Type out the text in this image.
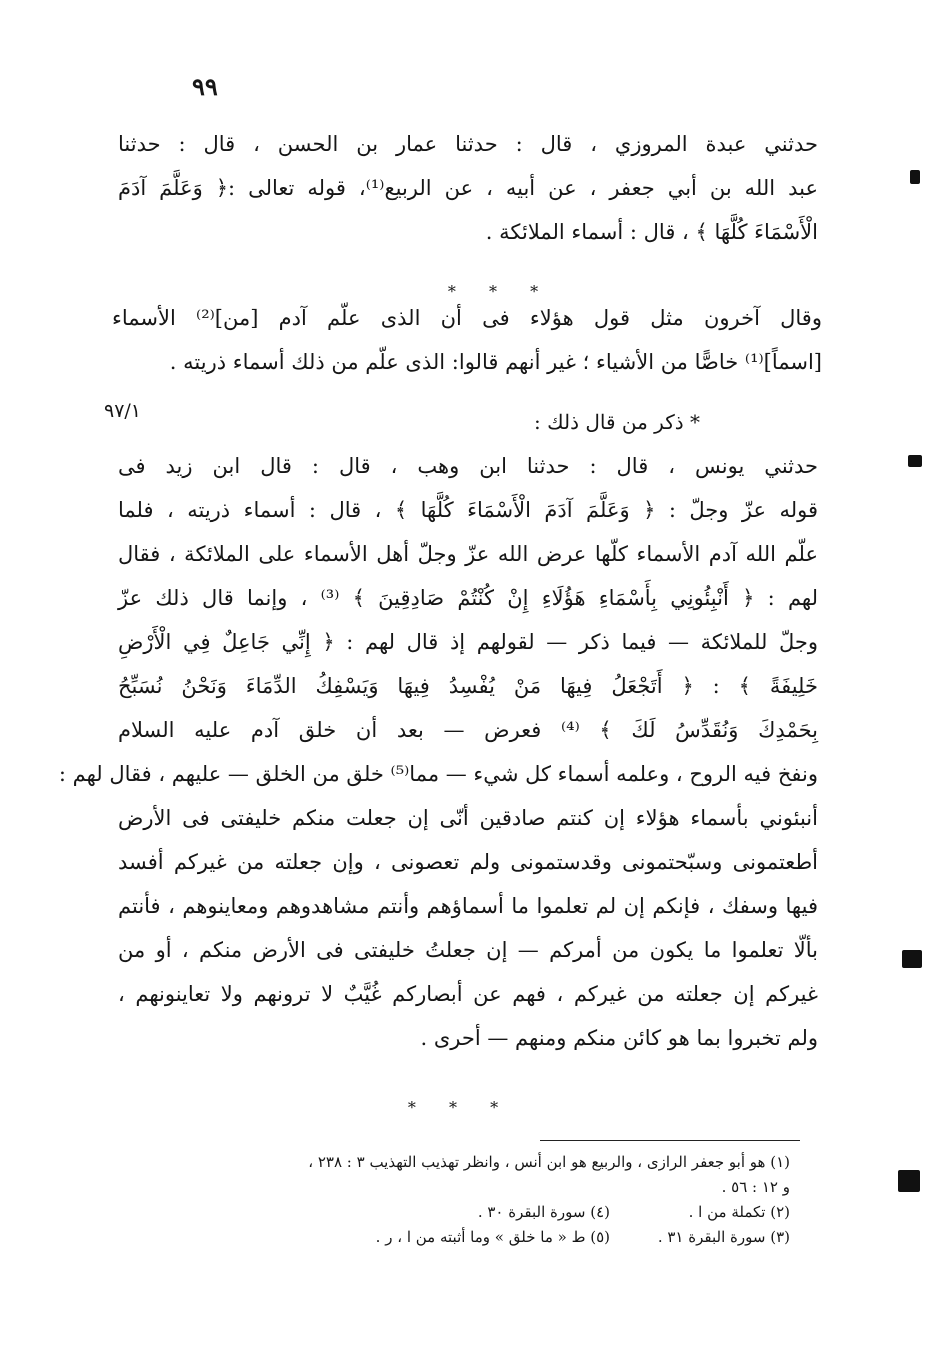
٩٩
حدثني عبدة المروزي ، قال : حدثنا عمار بن الحسن ، قال : حدثنا
عبد الله بن أبي جعفر ، عن أبيه ، عن الربيع⁽¹⁾، قوله تعالى :﴿ وَعَلَّمَ آدَمَ
الْأَسْمَاءَ كُلَّهَا ﴾ ، قال : أسماء الملائكة .
* * *
وقال آخرون مثل قول هؤلاء فى أن الذى علّم آدم [من]⁽²⁾ الأسماء
[اسماً]⁽¹⁾ خاصًّا من الأشياء ؛ غير أنهم قالوا: الذى علّم من ذلك أسماء ذريته .
٩٧/١	* ذكر من قال ذلك :
حدثني يونس ، قال : حدثنا ابن وهب ، قال : قال ابن زيد فى
قوله عزّ وجلّ : ﴿ وَعَلَّمَ آدَمَ الْأَسْمَاءَ كُلَّهَا ﴾ ، قال : أسماء ذريته ، فلما
علّم الله آدم الأسماء كلّها عرض الله عزّ وجلّ أهل الأسماء على الملائكة ، فقال
لهم : ﴿ أَنْبِئُونِي بِأَسْمَاءِ هَؤُلَاءِ إِنْ كُنْتُمْ صَادِقِينَ ﴾ ⁽³⁾ ، وإنما قال ذلك عزّ
وجلّ للملائكة — فيما ذكر — لقولهم إذ قال لهم : ﴿ إِنِّي جَاعِلٌ فِي الْأَرْضِ
خَلِيفَةً ﴾ : ﴿ أَتَجْعَلُ فِيهَا مَنْ يُفْسِدُ فِيهَا وَيَسْفِكُ الدِّمَاءَ وَنَحْنُ نُسَبِّحُ
بِحَمْدِكَ وَنُقَدِّسُ لَكَ ﴾ ⁽⁴⁾ فعرض — بعد أن خلق آدم عليه السلام
ونفخ فيه الروح ، وعلمه أسماء كل شيء — مما⁽⁵⁾ خلق من الخلق — عليهم ، فقال لهم :
أنبئوني بأسماء هؤلاء إن كنتم صادقين أنّى إن جعلت منكم خليفتى فى الأرض
أطعتمونى وسبّحتمونى وقدستمونى ولم تعصونى ، وإن جعلته من غيركم أفسد
فيها وسفك ، فإنكم إن لم تعلموا ما أسماؤهم وأنتم مشاهدوهم ومعاينوهم ، فأنتم
بألّا تعلموا ما يكون من أمركم — إن جعلتُ خليفتى فى الأرض منكم ، أو من
غيركم إن جعلته من غيركم ، فهم عن أبصاركم غُيَّبٌ لا ترونهم ولا تعاينونهم ،
ولم تخبروا بما هو كائن منكم ومنهم — أحرى .
* * *
(١) هو أبو جعفر الرازى ، والربيع هو ابن أنس ، وانظر تهذيب التهذيب ٣ : ٢٣٨ ،
و ١٢ : ٥٦ .
(٢) تكملة من ا .
(٤) سورة البقرة ٣٠ .
(٣) سورة البقرة ٣١ .
(٥) ط « ما خلق » وما أثبته من ا ، ر .
